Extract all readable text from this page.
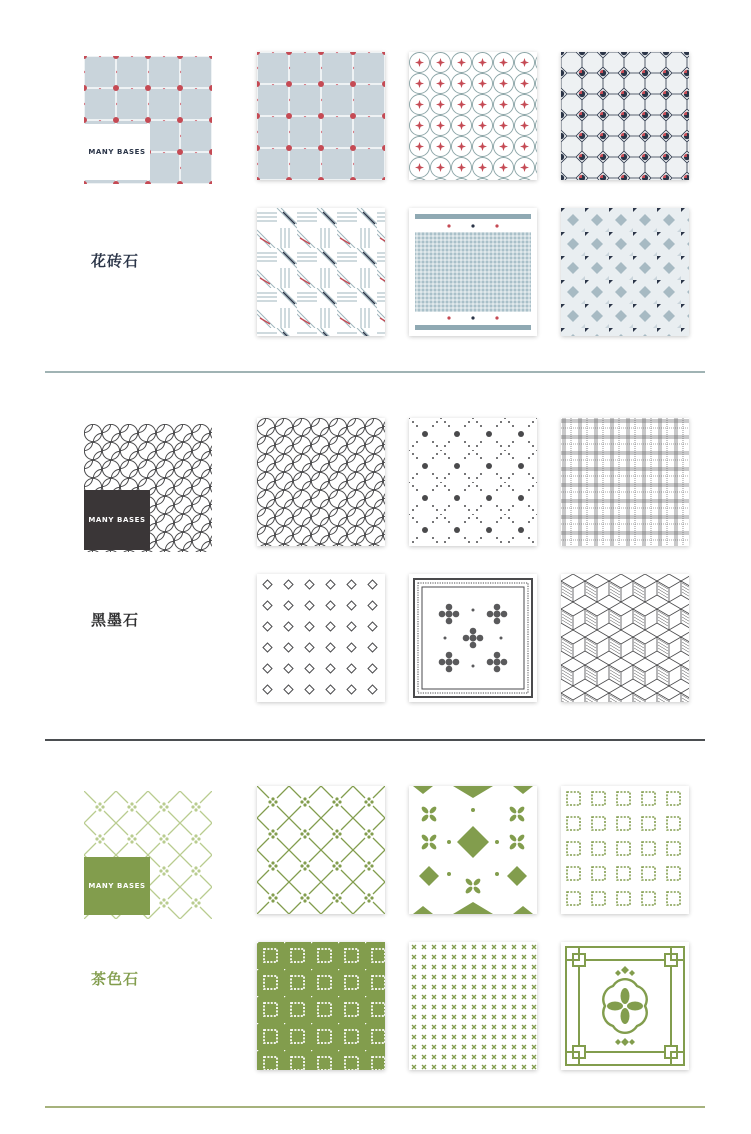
MANY BASES
花砖石
MANY BASES
黑墨石
MANY BASES
茶色石
